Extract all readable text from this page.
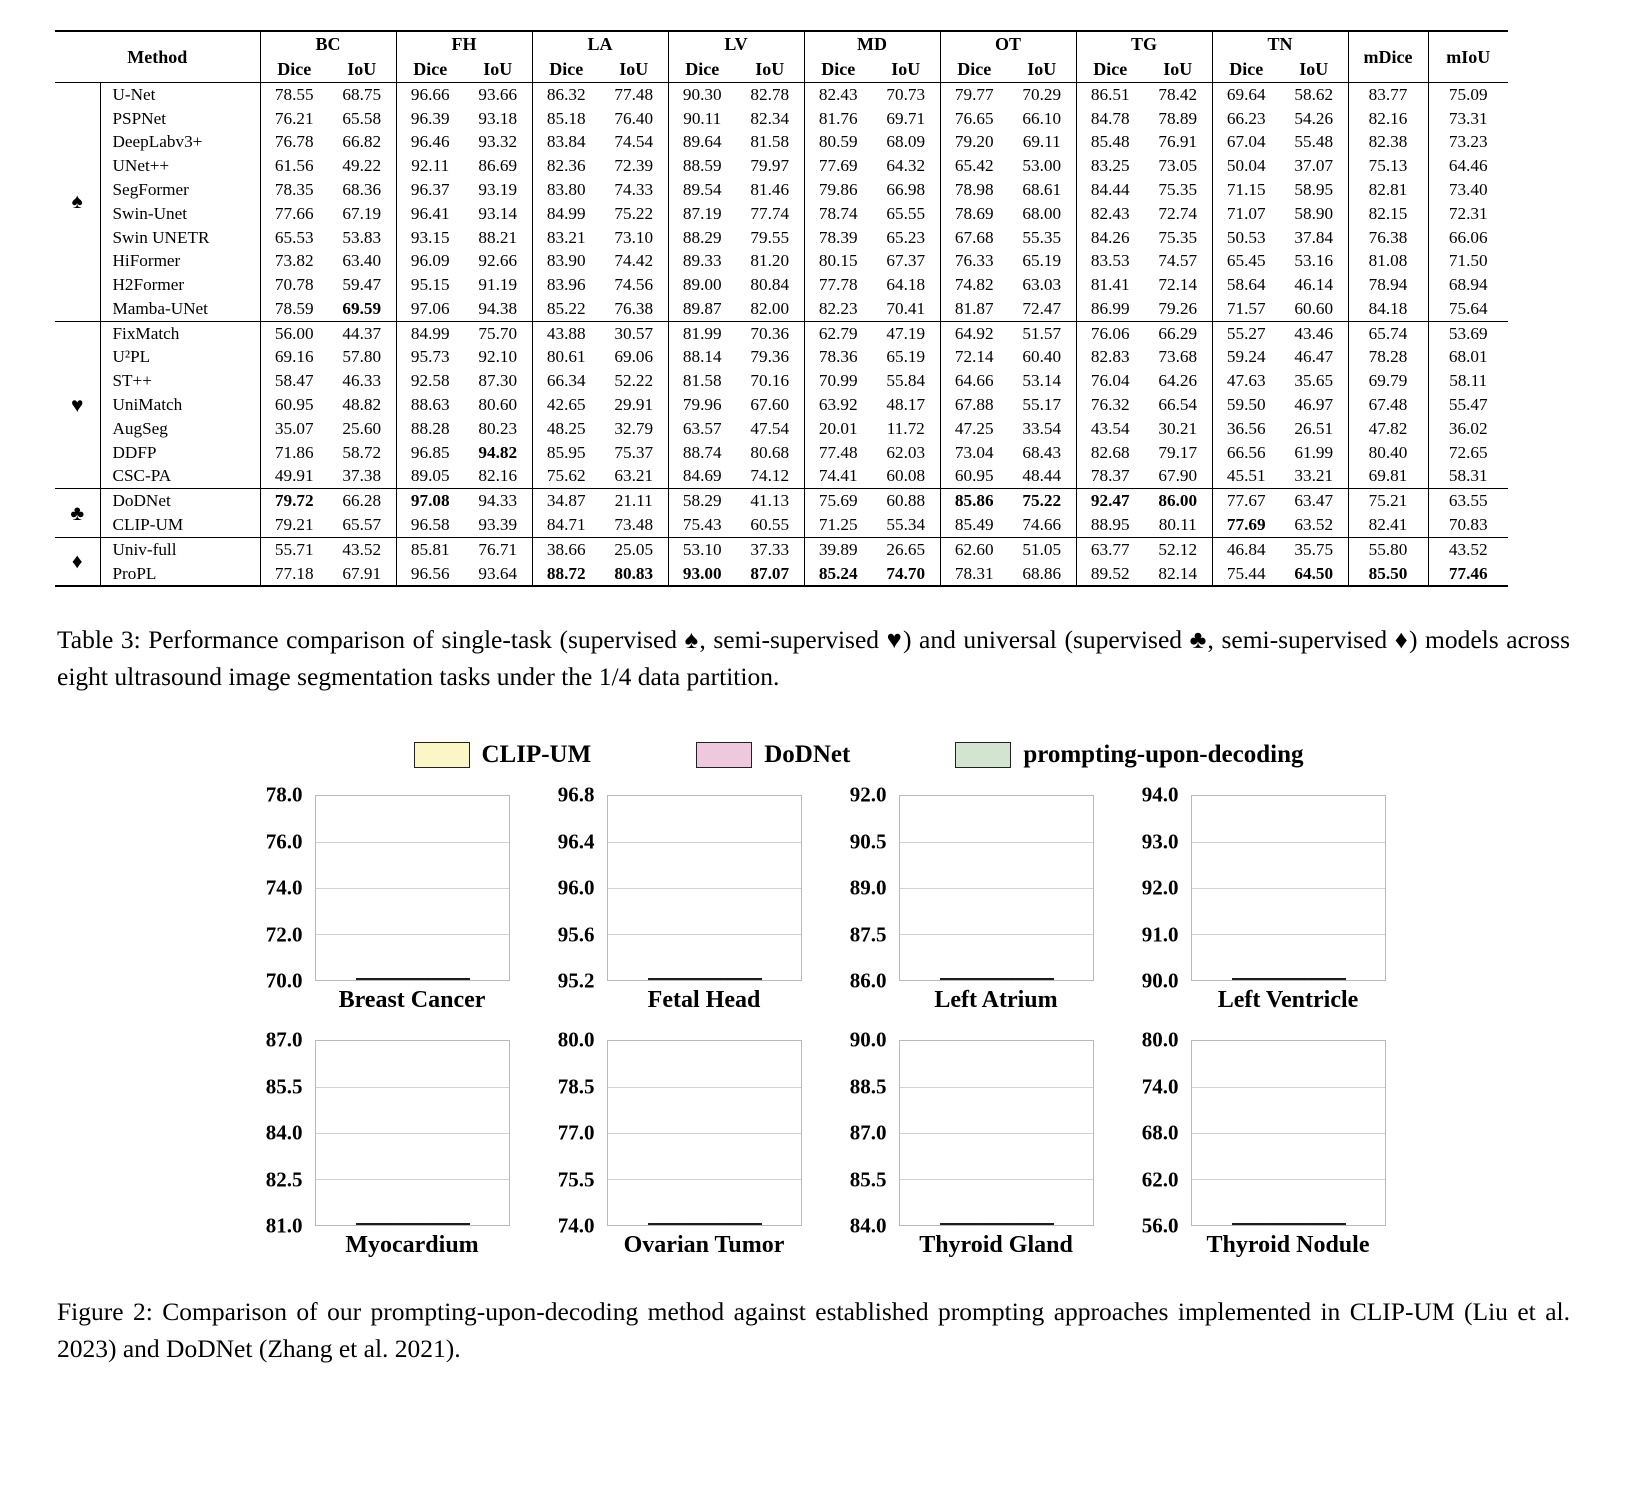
Method		BC		FH		LA		LV		MD		OT		TG		TN		mDice	mIoU
		Dice	IoU	Dice	IoU	Dice	IoU	Dice	IoU	Dice	IoU	Dice	IoU	Dice	IoU	Dice	IoU		
♠	U-Net	78.55	68.75	96.66	93.66	86.32	77.48	90.30	82.78	82.43	70.73	79.77	70.29	86.51	78.42	69.64	58.62	83.77	75.09
	PSPNet	76.21	65.58	96.39	93.18	85.18	76.40	90.11	82.34	81.76	69.71	76.65	66.10	84.78	78.89	66.23	54.26	82.16	73.31
	DeepLabv3+	76.78	66.82	96.46	93.32	83.84	74.54	89.64	81.58	80.59	68.09	79.20	69.11	85.48	76.91	67.04	55.48	82.38	73.23
	UNet++	61.56	49.22	92.11	86.69	82.36	72.39	88.59	79.97	77.69	64.32	65.42	53.00	83.25	73.05	50.04	37.07	75.13	64.46
	SegFormer	78.35	68.36	96.37	93.19	83.80	74.33	89.54	81.46	79.86	66.98	78.98	68.61	84.44	75.35	71.15	58.95	82.81	73.40
	Swin-Unet	77.66	67.19	96.41	93.14	84.99	75.22	87.19	77.74	78.74	65.55	78.69	68.00	82.43	72.74	71.07	58.90	82.15	72.31
	Swin UNETR	65.53	53.83	93.15	88.21	83.21	73.10	88.29	79.55	78.39	65.23	67.68	55.35	84.26	75.35	50.53	37.84	76.38	66.06
	HiFormer	73.82	63.40	96.09	92.66	83.90	74.42	89.33	81.20	80.15	67.37	76.33	65.19	83.53	74.57	65.45	53.16	81.08	71.50
	H2Former	70.78	59.47	95.15	91.19	83.96	74.56	89.00	80.84	77.78	64.18	74.82	63.03	81.41	72.14	58.64	46.14	78.94	68.94
	Mamba-UNet	78.59	69.59	97.06	94.38	85.22	76.38	89.87	82.00	82.23	70.41	81.87	72.47	86.99	79.26	71.57	60.60	84.18	75.64
♥	FixMatch	56.00	44.37	84.99	75.70	43.88	30.57	81.99	70.36	62.79	47.19	64.92	51.57	76.06	66.29	55.27	43.46	65.74	53.69
	U²PL	69.16	57.80	95.73	92.10	80.61	69.06	88.14	79.36	78.36	65.19	72.14	60.40	82.83	73.68	59.24	46.47	78.28	68.01
	ST++	58.47	46.33	92.58	87.30	66.34	52.22	81.58	70.16	70.99	55.84	64.66	53.14	76.04	64.26	47.63	35.65	69.79	58.11
	UniMatch	60.95	48.82	88.63	80.60	42.65	29.91	79.96	67.60	63.92	48.17	67.88	55.17	76.32	66.54	59.50	46.97	67.48	55.47
	AugSeg	35.07	25.60	88.28	80.23	48.25	32.79	63.57	47.54	20.01	11.72	47.25	33.54	43.54	30.21	36.56	26.51	47.82	36.02
	DDFP	71.86	58.72	96.85	94.82	85.95	75.37	88.74	80.68	77.48	62.03	73.04	68.43	82.68	79.17	66.56	61.99	80.40	72.65
	CSC-PA	49.91	37.38	89.05	82.16	75.62	63.21	84.69	74.12	74.41	60.08	60.95	48.44	78.37	67.90	45.51	33.21	69.81	58.31
♣	DoDNet	79.72	66.28	97.08	94.33	34.87	21.11	58.29	41.13	75.69	60.88	85.86	75.22	92.47	86.00	77.67	63.47	75.21	63.55
	CLIP-UM	79.21	65.57	96.58	93.39	84.71	73.48	75.43	60.55	71.25	55.34	85.49	74.66	88.95	80.11	77.69	63.52	82.41	70.83
♦	Univ-full	55.71	43.52	85.81	76.71	38.66	25.05	53.10	37.33	39.89	26.65	62.60	51.05	63.77	52.12	46.84	35.75	55.80	43.52
	ProPL	77.18	67.91	96.56	93.64	88.72	80.83	93.00	87.07	85.24	74.70	78.31	68.86	89.52	82.14	75.44	64.50	85.50	77.46

Table 3: Performance comparison of single-task (supervised ♠, semi-supervised ♥) and universal (supervised ♣, semi-supervised ♦) models across eight ultrasound image segmentation tasks under the 1/4 data partition.

CLIP-UM	DoDNet	prompting-upon-decoding
78.0
76.0
74.0
72.0
70.0
Breast Cancer
96.8
96.4
96.0
95.6
95.2
Fetal Head
92.0
90.5
89.0
87.5
86.0
Left Atrium
94.0
93.0
92.0
91.0
90.0
Left Ventricle
87.0
85.5
84.0
82.5
81.0
Myocardium
80.0
78.5
77.0
75.5
74.0
Ovarian Tumor
90.0
88.5
87.0
85.5
84.0
Thyroid Gland
80.0
74.0
68.0
62.0
56.0
Thyroid Nodule

Figure 2: Comparison of our prompting-upon-decoding method against established prompting approaches implemented in CLIP-UM (Liu et al. 2023) and DoDNet (Zhang et al. 2021).
